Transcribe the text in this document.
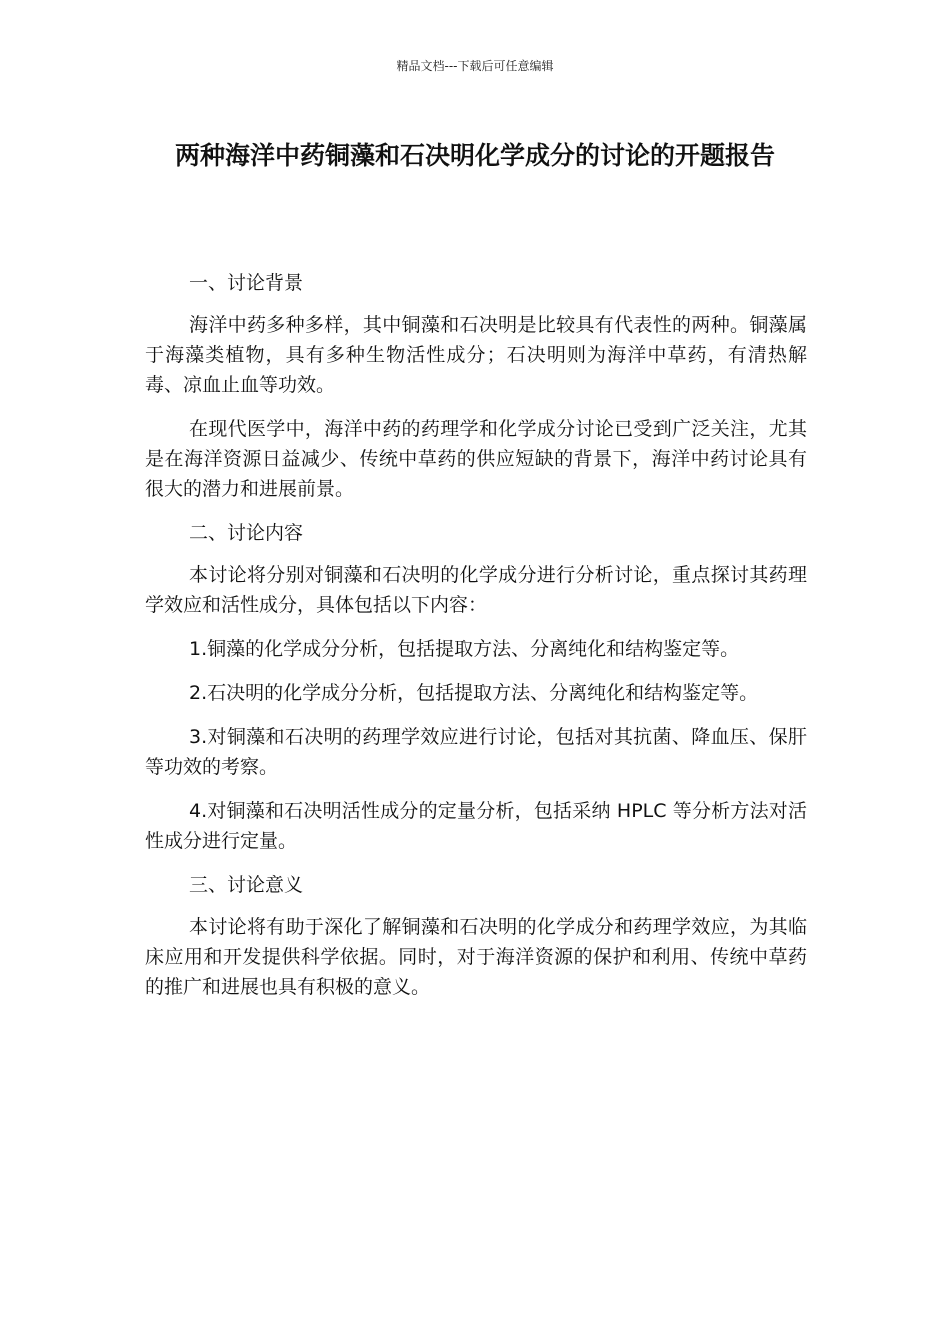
精品文档---下载后可任意编辑
两种海洋中药铜藻和石决明化学成分的讨论的开题报告

一、讨论背景

海洋中药多种多样，其中铜藻和石决明是比较具有代表性的两种。铜藻属于海藻类植物，具有多种生物活性成分；石决明则为海洋中草药，有清热解毒、凉血止血等功效。

在现代医学中，海洋中药的药理学和化学成分讨论已受到广泛关注，尤其是在海洋资源日益减少、传统中草药的供应短缺的背景下，海洋中药讨论具有很大的潜力和进展前景。

二、讨论内容

本讨论将分别对铜藻和石决明的化学成分进行分析讨论，重点探讨其药理学效应和活性成分，具体包括以下内容：

1.铜藻的化学成分分析，包括提取方法、分离纯化和结构鉴定等。

2.石决明的化学成分分析，包括提取方法、分离纯化和结构鉴定等。

3.对铜藻和石决明的药理学效应进行讨论，包括对其抗菌、降血压、保肝等功效的考察。

4.对铜藻和石决明活性成分的定量分析，包括采纳 HPLC 等分析方法对活性成分进行定量。

三、讨论意义

本讨论将有助于深化了解铜藻和石决明的化学成分和药理学效应，为其临床应用和开发提供科学依据。同时，对于海洋资源的保护和利用、传统中草药的推广和进展也具有积极的意义。
